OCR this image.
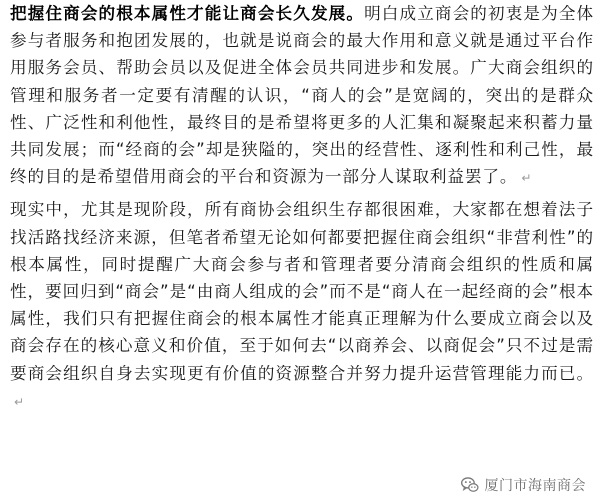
把握住商会的根本属性才能让商会长久发展。明白成立商会的初衷是为全体参与者服务和抱团发展的，也就是说商会的最大作用和意义就是通过平台作用服务会员、帮助会员以及促进全体会员共同进步和发展。广大商会组织的管理和服务者一定要有清醒的认识，“商人的会”是宽阔的，突出的是群众性、广泛性和利他性，最终目的是希望将更多的人汇集和凝聚起来积蓄力量共同发展；而“经商的会”却是狭隘的，突出的经营性、逐利性和利己性，最终的目的是希望借用商会的平台和资源为一部分人谋取利益罢了。 ↵

现实中，尤其是现阶段，所有商协会组织生存都很困难，大家都在想着法子找活路找经济来源，但笔者希望无论如何都要把握住商会组织“非营利性”的根本属性，同时提醒广大商会参与者和管理者要分清商会组织的性质和属性，要回归到“商会”是“由商人组成的会”而不是“商人在一起经商的会”根本属性，我们只有把握住商会的根本属性才能真正理解为什么要成立商会以及商会存在的核心意义和价值，至于如何去“以商养会、以商促会”只不过是需要商会组织自身去实现更有价值的资源整合并努力提升运营管理能力而已。↵

厦门市海南商会
